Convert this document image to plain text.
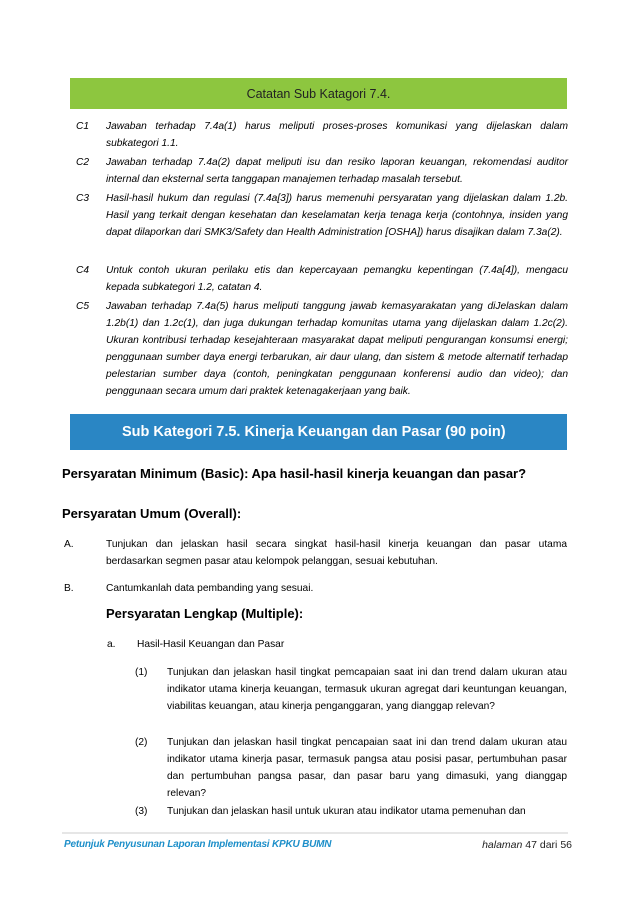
Catatan Sub Katagori 7.4.
C1 Jawaban terhadap 7.4a(1) harus meliputi proses-proses komunikasi yang dijelaskan dalam subkategori 1.1.
C2 Jawaban terhadap 7.4a(2) dapat meliputi isu dan resiko laporan keuangan, rekomendasi auditor internal dan eksternal serta tanggapan manajemen terhadap masalah tersebut.
C3 Hasil-hasil hukum dan regulasi (7.4a[3]) harus memenuhi persyaratan yang dijelaskan dalam 1.2b. Hasil yang terkait dengan kesehatan dan keselamatan kerja tenaga kerja (contohnya, insiden yang dapat dilaporkan dari SMK3/Safety dan Health Administration [OSHA]) harus disajikan dalam 7.3a(2).
C4 Untuk contoh ukuran perilaku etis dan kepercayaan pemangku kepentingan (7.4a[4]), mengacu kepada subkategori 1.2, catatan 4.
C5 Jawaban terhadap 7.4a(5) harus meliputi tanggung jawab kemasyarakatan yang diJelaskan dalam 1.2b(1) dan 1.2c(1), dan juga dukungan terhadap komunitas utama yang dijelaskan dalam 1.2c(2). Ukuran kontribusi terhadap kesejahteraan masyarakat dapat meliputi pengurangan konsumsi energi; penggunaan sumber daya energi terbarukan, air daur ulang, dan sistem & metode alternatif terhadap pelestarian sumber daya (contoh, peningkatan penggunaan konferensi audio dan video); dan penggunaan secara umum dari praktek ketenagakerjaan yang baik.
Sub Kategori 7.5. Kinerja Keuangan dan Pasar (90 poin)
Persyaratan Minimum (Basic): Apa hasil-hasil kinerja keuangan dan pasar?
Persyaratan Umum (Overall):
A.	Tunjukan dan jelaskan hasil secara singkat hasil-hasil kinerja keuangan dan pasar utama berdasarkan segmen pasar atau kelompok pelanggan, sesuai kebutuhan.
B.	Cantumkanlah data pembanding yang sesuai.
Persyaratan Lengkap (Multiple):
a. Hasil-Hasil Keuangan dan Pasar
(1) Tunjukan dan jelaskan hasil tingkat pemcapaian saat ini dan trend dalam ukuran atau indikator utama kinerja keuangan, termasuk ukuran agregat dari keuntungan keuangan, viabilitas keuangan, atau kinerja penganggaran, yang dianggap relevan?
(2) Tunjukan dan jelaskan hasil tingkat pencapaian saat ini dan trend dalam ukuran atau indikator utama kinerja pasar, termasuk pangsa atau posisi pasar, pertumbuhan pasar dan pertumbuhan pangsa pasar, dan pasar baru yang dimasuki, yang dianggap relevan?
(3) Tunjukan dan jelaskan hasil untuk ukuran atau indikator utama pemenuhan dan
Petunjuk Penyusunan Laporan Implementasi KPKU BUMN	halaman 47 dari 56
